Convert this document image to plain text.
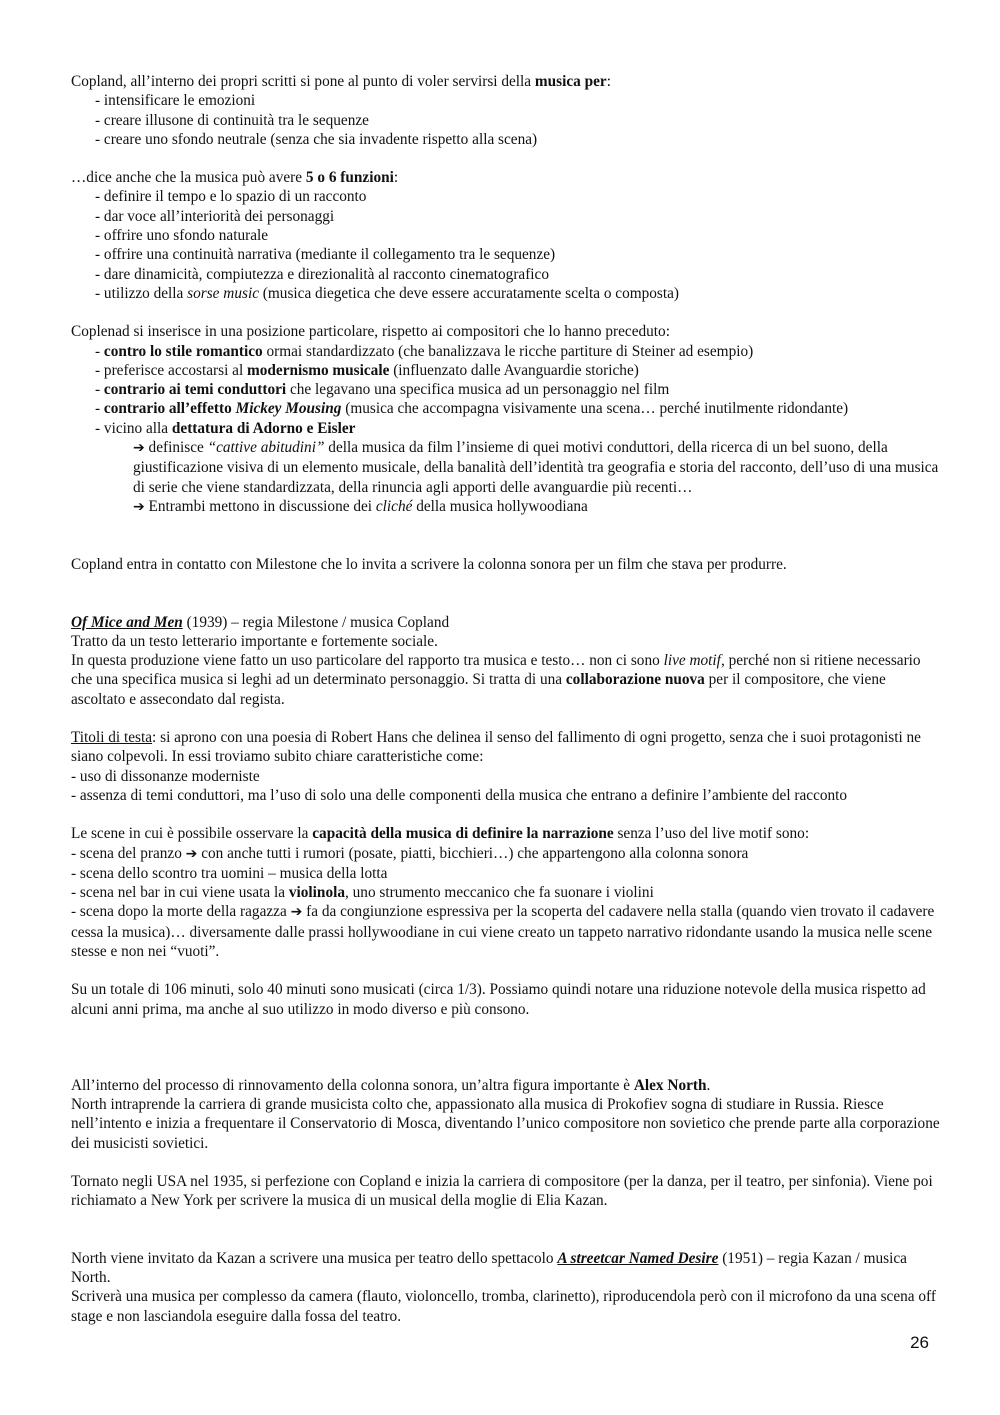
Copland, all’interno dei propri scritti si pone al punto di voler servirsi della musica per:

- intensificare le emozioni
- creare illusone di continuità tra le sequenze
- creare uno sfondo neutrale (senza che sia invadente rispetto alla scena)

…dice anche che la musica può avere 5 o 6 funzioni:

- definire il tempo e lo spazio di un racconto
- dar voce all’interiorità dei personaggi
- offrire uno sfondo naturale
- offrire una continuità narrativa (mediante il collegamento tra le sequenze)
- dare dinamicità, compiutezza e direzionalità al racconto cinematografico
- utilizzo della sorse music (musica diegetica che deve essere accuratamente scelta o composta)

Coplenad si inserisce in una posizione particolare, rispetto ai compositori che lo hanno preceduto:

- contro lo stile romantico ormai standardizzato (che banalizzava le ricche partiture di Steiner ad esempio)
- preferisce accostarsi al modernismo musicale (influenzato dalle Avanguardie storiche)
- contrario ai temi conduttori che legavano una specifica musica ad un personaggio nel film
- contrario all’effetto Mickey Mousing (musica che accompagna visivamente una scena… perché inutilmente ridondante)
- vicino alla dettatura di Adorno e Eisler

➔ definisce “cattive abitudini” della musica da film l’insieme di quei motivi conduttori, della ricerca di un bel suono, della giustificazione visiva di un elemento musicale, della banalità dell’identità tra geografia e storia del racconto, dell’uso di una musica di serie che viene standardizzata, della rinuncia agli apporti delle avanguardie più recenti…

➔ Entrambi mettono in discussione dei cliché della musica hollywoodiana

Copland entra in contatto con Milestone che lo invita a scrivere la colonna sonora per un film che stava per produrre.

Of Mice and Men (1939) – regia Milestone / musica Copland

Tratto da un testo letterario importante e fortemente sociale.

In questa produzione viene fatto un uso particolare del rapporto tra musica e testo… non ci sono live motif, perché non si ritiene necessario che una specifica musica si leghi ad un determinato personaggio. Si tratta di una collaborazione nuova per il compositore, che viene ascoltato e assecondato dal regista.

Titoli di testa: si aprono con una poesia di Robert Hans che delinea il senso del fallimento di ogni progetto, senza che i suoi protagonisti ne siano colpevoli. In essi troviamo subito chiare caratteristiche come:

- uso di dissonanze moderniste

- assenza di temi conduttori, ma l’uso di solo una delle componenti della musica che entrano a definire l’ambiente del racconto

Le scene in cui è possibile osservare la capacità della musica di definire la narrazione senza l’uso del live motif sono:

- scena del pranzo ➔ con anche tutti i rumori (posate, piatti, bicchieri…) che appartengono alla colonna sonora

- scena dello scontro tra uomini – musica della lotta

- scena nel bar in cui viene usata la violinola, uno strumento meccanico che fa suonare i violini

- scena dopo la morte della ragazza ➔ fa da congiunzione espressiva per la scoperta del cadavere nella stalla (quando vien trovato il cadavere cessa la musica)… diversamente dalle prassi hollywoodiane in cui viene creato un tappeto narrativo ridondante usando la musica nelle scene stesse e non nei “vuoti”.

Su un totale di 106 minuti, solo 40 minuti sono musicati (circa 1/3). Possiamo quindi notare una riduzione notevole della musica rispetto ad alcuni anni prima, ma anche al suo utilizzo in modo diverso e più consono.

All’interno del processo di rinnovamento della colonna sonora, un’altra figura importante è Alex North.

North intraprende la carriera di grande musicista colto che, appassionato alla musica di Prokofiev sogna di studiare in Russia. Riesce nell’intento e inizia a frequentare il Conservatorio di Mosca, diventando l’unico compositore non sovietico che prende parte alla corporazione dei musicisti sovietici.

Tornato negli USA nel 1935, si perfezione con Copland e inizia la carriera di compositore (per la danza, per il teatro, per sinfonia). Viene poi richiamato a New York per scrivere la musica di un musical della moglie di Elia Kazan.

North viene invitato da Kazan a scrivere una musica per teatro dello spettacolo A streetcar Named Desire (1951) – regia Kazan / musica North.

Scriverà una musica per complesso da camera (flauto, violoncello, tromba, clarinetto), riproducendola però con il microfono da una scena off stage e non lasciandola eseguire dalla fossa del teatro.

26
